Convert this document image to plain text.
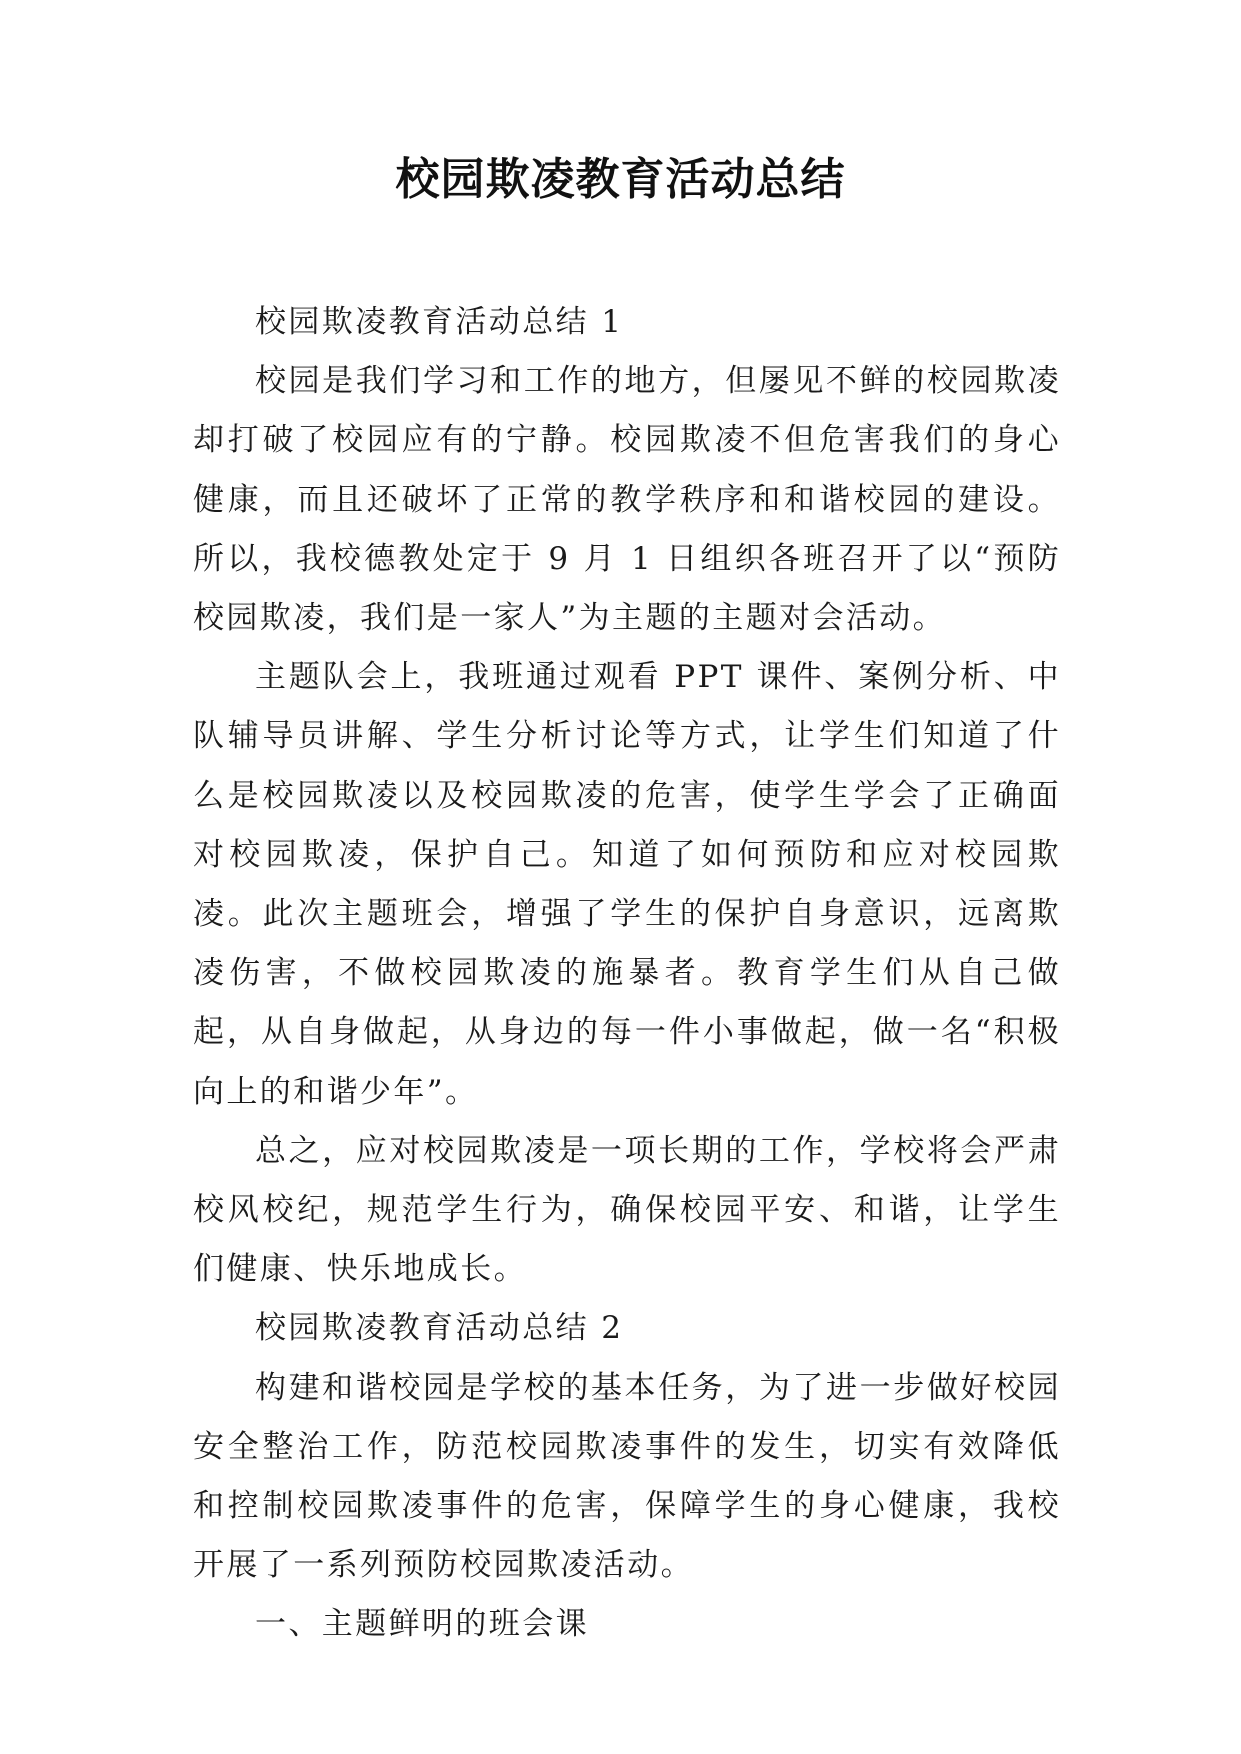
校园欺凌教育活动总结

校园欺凌教育活动总结 1

校园是我们学习和工作的地方，但屡见不鲜的校园欺凌却打破了校园应有的宁静。校园欺凌不但危害我们的身心健康，而且还破坏了正常的教学秩序和和谐校园的建设。所以，我校德教处定于 9 月 1 日组织各班召开了以“预防校园欺凌，我们是一家人”为主题的主题对会活动。

主题队会上，我班通过观看 PPT 课件、案例分析、中队辅导员讲解、学生分析讨论等方式，让学生们知道了什么是校园欺凌以及校园欺凌的危害，使学生学会了正确面对校园欺凌，保护自己。知道了如何预防和应对校园欺凌。此次主题班会，增强了学生的保护自身意识，远离欺凌伤害，不做校园欺凌的施暴者。教育学生们从自己做起，从自身做起，从身边的每一件小事做起，做一名“积极向上的和谐少年”。

总之，应对校园欺凌是一项长期的工作，学校将会严肃校风校纪，规范学生行为，确保校园平安、和谐，让学生们健康、快乐地成长。

校园欺凌教育活动总结 2

构建和谐校园是学校的基本任务，为了进一步做好校园安全整治工作，防范校园欺凌事件的发生，切实有效降低和控制校园欺凌事件的危害，保障学生的身心健康，我校开展了一系列预防校园欺凌活动。

一、主题鲜明的班会课
